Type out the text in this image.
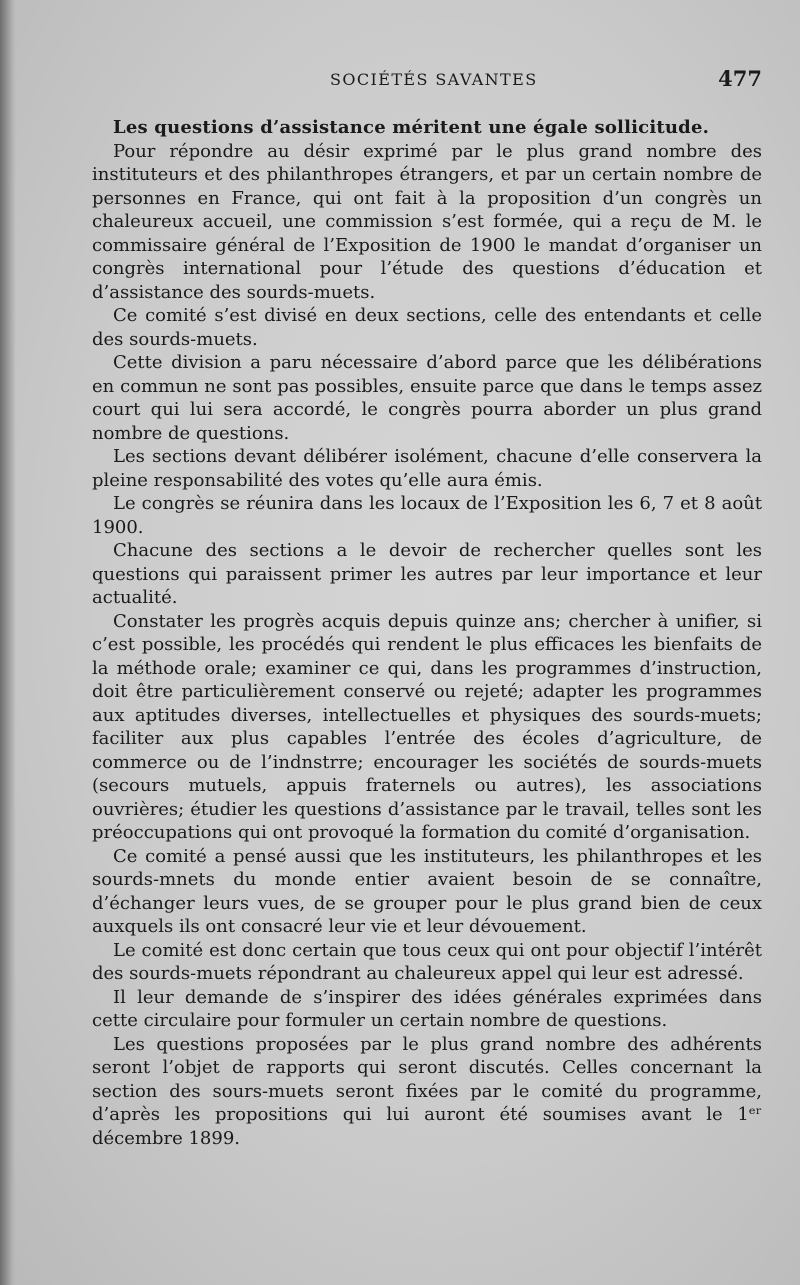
SOCIÉTÉS SAVANTES	477

Les questions d’assistance méritent une égale sollicitude.

Pour répondre au désir exprimé par le plus grand nombre des instituteurs et des philanthropes étrangers, et par un certain nombre de personnes en France, qui ont fait à la proposition d’un congrès un chaleureux accueil, une commission s’est formée, qui a reçu de M. le commissaire général de l’Exposition de 1900 le mandat d’organiser un congrès international pour l’étude des questions d’éducation et d’assistance des sourds-muets.

Ce comité s’est divisé en deux sections, celle des entendants et celle des sourds-muets.

Cette division a paru nécessaire d’abord parce que les délibérations en commun ne sont pas possibles, ensuite parce que dans le temps assez court qui lui sera accordé, le congrès pourra aborder un plus grand nombre de questions.

Les sections devant délibérer isolément, chacune d’elle conservera la pleine responsabilité des votes qu’elle aura émis.

Le congrès se réunira dans les locaux de l’Exposition les 6, 7 et 8 août 1900.

Chacune des sections a le devoir de rechercher quelles sont les questions qui paraissent primer les autres par leur importance et leur actualité.

Constater les progrès acquis depuis quinze ans; chercher à unifier, si c’est possible, les procédés qui rendent le plus efficaces les bienfaits de la méthode orale; examiner ce qui, dans les programmes d’instruction, doit être particulièrement conservé ou rejeté; adapter les programmes aux aptitudes diverses, intellectuelles et physiques des sourds-muets; faciliter aux plus capables l’entrée des écoles d’agriculture, de commerce ou de l’indnstrre; encourager les sociétés de sourds-muets (secours mutuels, appuis fraternels ou autres), les associations ouvrières; étudier les questions d’assistance par le travail, telles sont les préoccupations qui ont provoqué la formation du comité d’organisation.

Ce comité a pensé aussi que les instituteurs, les philanthropes et les sourds-mnets du monde entier avaient besoin de se connaître, d’échanger leurs vues, de se grouper pour le plus grand bien de ceux auxquels ils ont consacré leur vie et leur dévouement.

Le comité est donc certain que tous ceux qui ont pour objectif l’intérêt des sourds-muets répondrant au chaleureux appel qui leur est adressé.

Il leur demande de s’inspirer des idées générales exprimées dans cette circulaire pour formuler un certain nombre de questions.

Les questions proposées par le plus grand nombre des adhérents seront l’objet de rapports qui seront discutés. Celles concernant la section des sours-muets seront fixées par le comité du programme, d’après les propositions qui lui auront été soumises avant le 1ᵉʳ décembre 1899.
